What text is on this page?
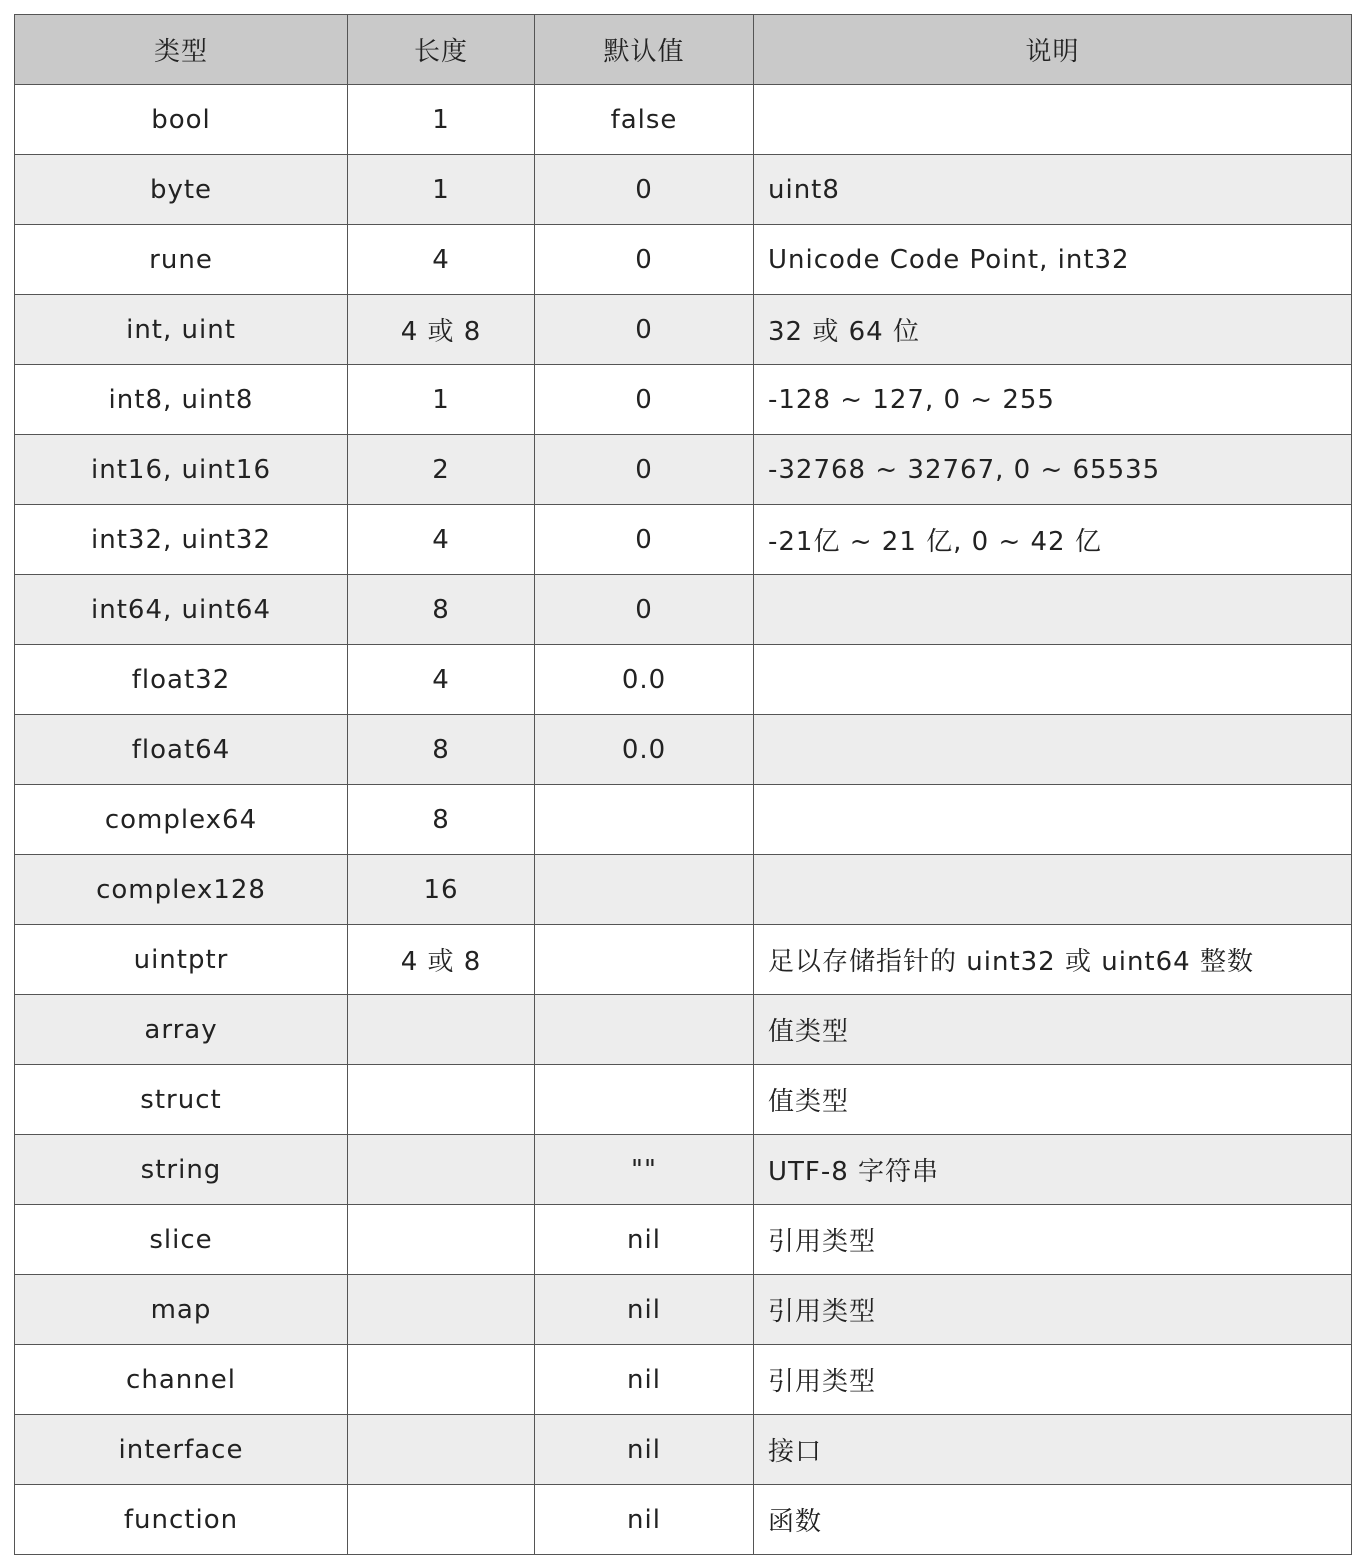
类型	长度	默认值	说明
bool	1	false	
byte	1	0	uint8
rune	4	0	Unicode Code Point, int32
int, uint	4 或 8	0	32 或 64 位
int8, uint8	1	0	-128 ~ 127, 0 ~ 255
int16, uint16	2	0	-32768 ~ 32767, 0 ~ 65535
int32, uint32	4	0	-21亿 ~ 21 亿, 0 ~ 42 亿
int64, uint64	8	0	
float32	4	0.0	
float64	8	0.0	
complex64	8		
complex128	16		
uintptr	4 或 8		足以存储指针的 uint32 或 uint64 整数
array			值类型
struct			值类型
string		""	UTF-8 字符串
slice		nil	引用类型
map		nil	引用类型
channel		nil	引用类型
interface		nil	接口
function		nil	函数
